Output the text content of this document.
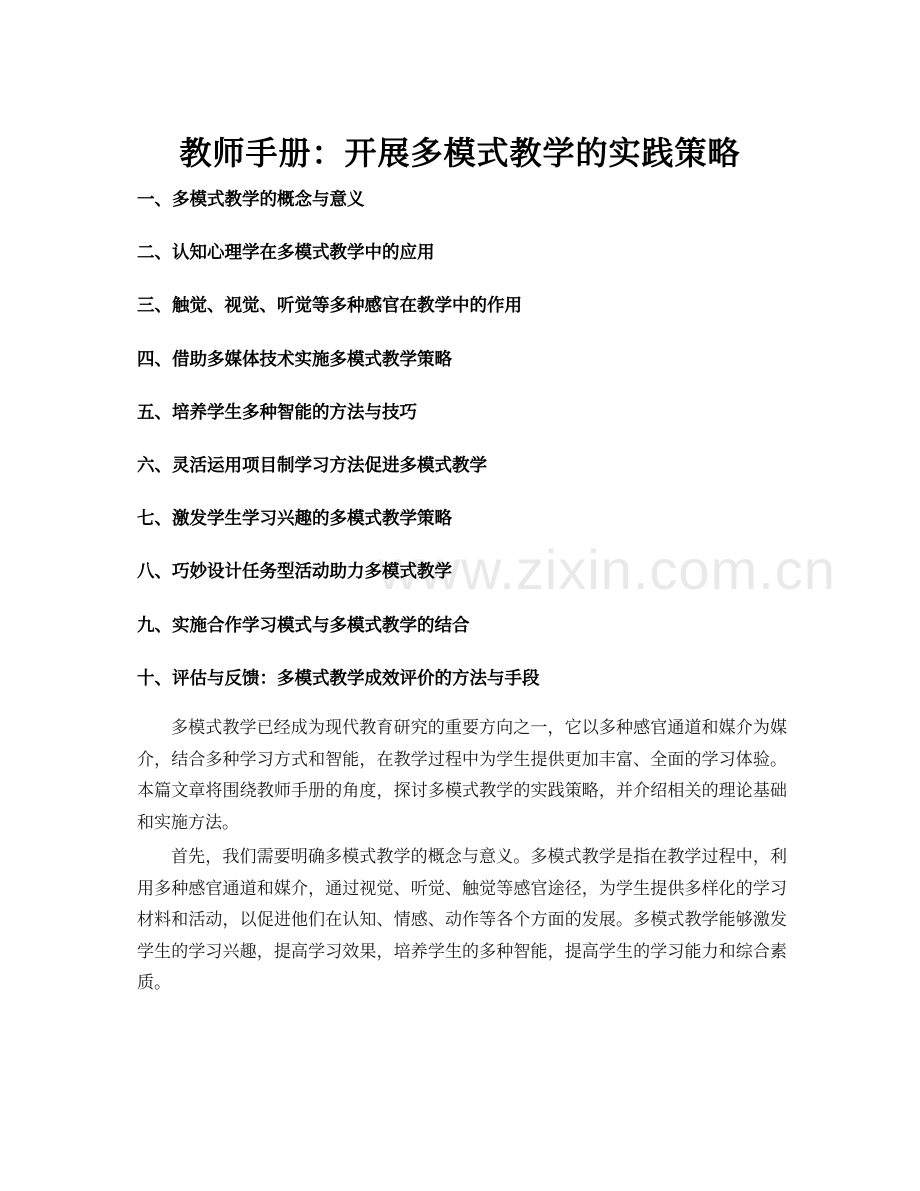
www.zixin.com.cn
教师手册：开展多模式教学的实践策略
一、多模式教学的概念与意义
二、认知心理学在多模式教学中的应用
三、触觉、视觉、听觉等多种感官在教学中的作用
四、借助多媒体技术实施多模式教学策略
五、培养学生多种智能的方法与技巧
六、灵活运用项目制学习方法促进多模式教学
七、激发学生学习兴趣的多模式教学策略
八、巧妙设计任务型活动助力多模式教学
九、实施合作学习模式与多模式教学的结合
十、评估与反馈：多模式教学成效评价的方法与手段

多模式教学已经成为现代教育研究的重要方向之一，它以多种感官通道和媒介为媒介，结合多种学习方式和智能，在教学过程中为学生提供更加丰富、全面的学习体验。本篇文章将围绕教师手册的角度，探讨多模式教学的实践策略，并介绍相关的理论基础和实施方法。

首先，我们需要明确多模式教学的概念与意义。多模式教学是指在教学过程中，利用多种感官通道和媒介，通过视觉、听觉、触觉等感官途径，为学生提供多样化的学习材料和活动，以促进他们在认知、情感、动作等各个方面的发展。多模式教学能够激发学生的学习兴趣，提高学习效果，培养学生的多种智能，提高学生的学习能力和综合素质。
